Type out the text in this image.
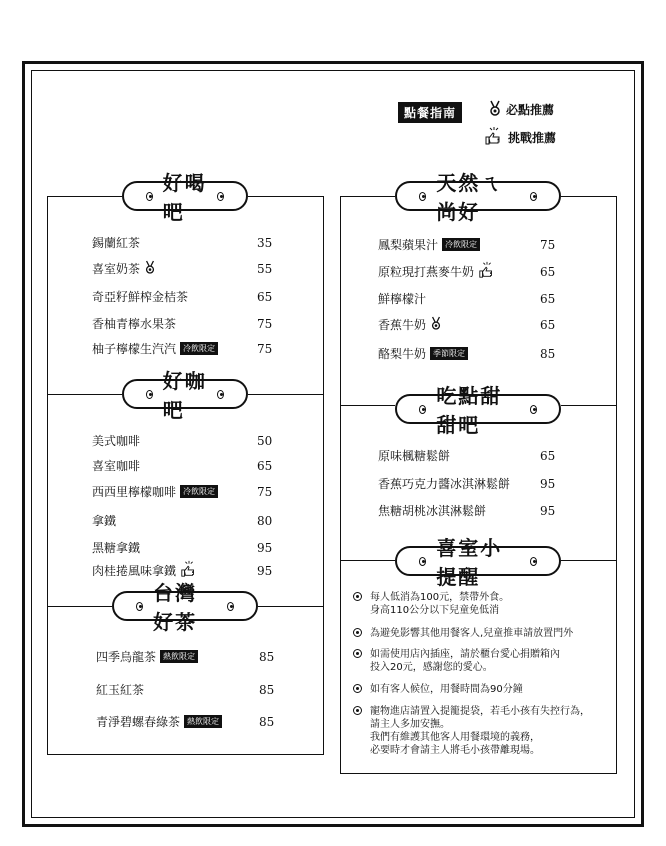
點餐指南	必點推薦
挑戰推薦
好喝吧
錫蘭紅茶	35
喜室奶茶	55
奇亞籽鮮榨金桔茶	65
香柚青檸水果茶	75
柚子檸檬生汽汽 冷飲限定	75
好咖吧
美式咖啡	50
喜室咖啡	65
西西里檸檬咖啡 冷飲限定	75
拿鐵	80
黑糖拿鐵	95
肉桂捲風味拿鐵	95
台灣好茶
四季烏龍茶 熱飲限定	85
紅玉紅茶	85
青淨碧螺春綠茶 熱飲限定	85
天然ㄟ尚好
鳳梨蘋果汁 冷飲限定	75
原粒現打燕麥牛奶	65
鮮檸檬汁	65
香蕉牛奶	65
酪梨牛奶 季節限定	85
吃點甜甜吧
原味楓糖鬆餅	65
香蕉巧克力醬冰淇淋鬆餅 95
焦糖胡桃冰淇淋鬆餅	95
喜室小提醒
每人低消為100元，禁帶外食。
身高110公分以下兒童免低消
為避免影響其他用餐客人,兒童推車請放置門外
如需使用店內插座，請於櫃台愛心捐贈箱內
投入20元，感謝您的愛心。
如有客人候位，用餐時間為90分鐘
寵物進店請置入提籠提袋，若毛小孩有失控行為，
請主人多加安撫。
我們有維護其他客人用餐環境的義務，
必要時才會請主人將毛小孩帶離現場。
